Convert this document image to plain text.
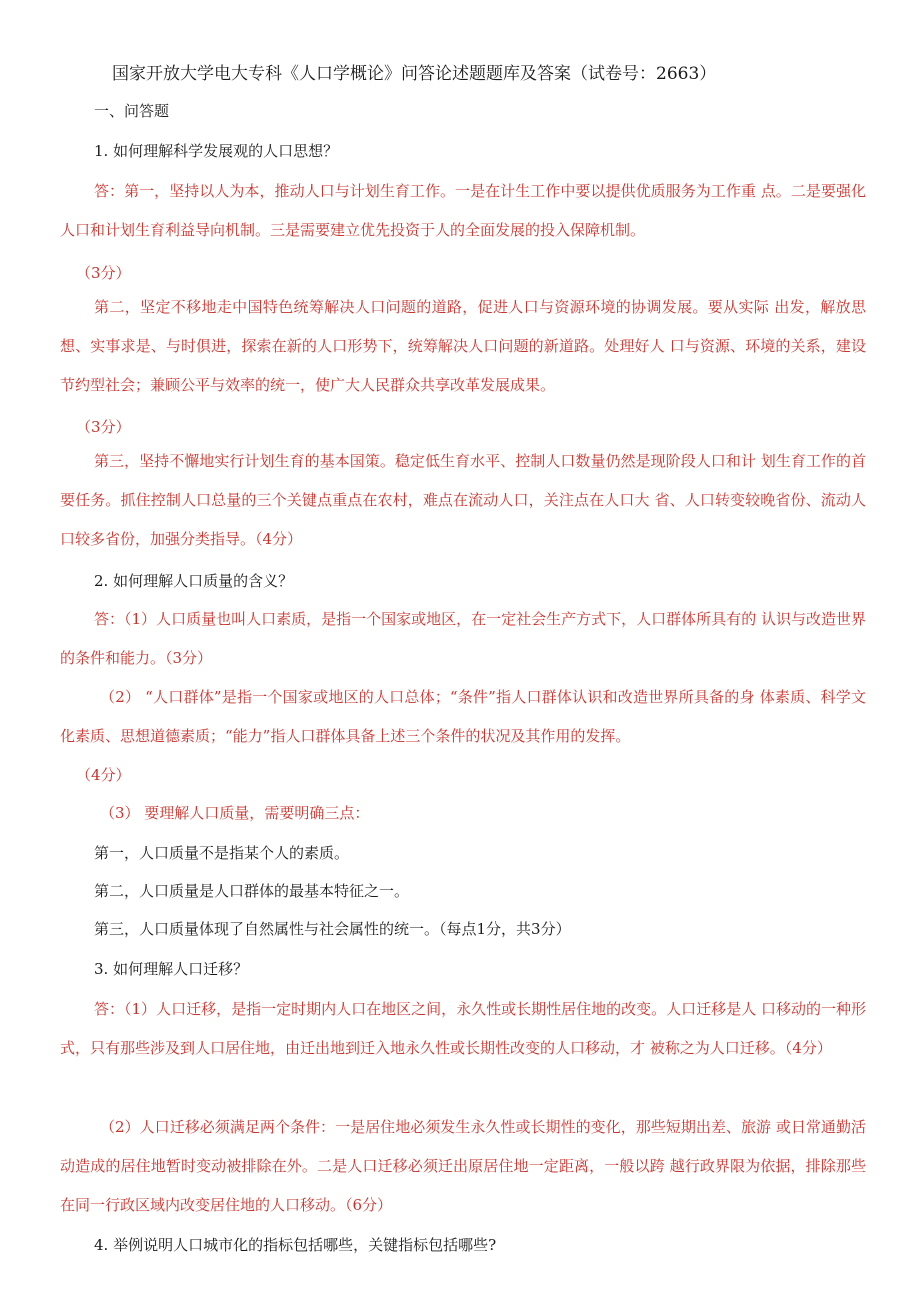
国家开放大学电大专科《人口学概论》问答论述题题库及答案（试卷号：2663）
一、问答题
1. 如何理解科学发展观的人口思想？
答：第一，坚持以人为本，推动人口与计划生育工作。一是在计生工作中要以提供优质服务为工作重 点。二是要强化人口和计划生育利益导向机制。三是需要建立优先投资于人的全面发展的投入保障机制。
（3分）
第二，坚定不移地走中国特色统筹解决人口问题的道路，促进人口与资源环境的协调发展。要从实际 出发，解放思想、实事求是、与时俱进，探索在新的人口形势下，统筹解决人口问题的新道路。处理好人 口与资源、环境的关系，建设节约型社会；兼顾公平与效率的统一，使广大人民群众共享改革发展成果。
（3分）
第三，坚持不懈地实行计划生育的基本国策。稳定低生育水平、控制人口数量仍然是现阶段人口和计 划生育工作的首要任务。抓住控制人口总量的三个关键点重点在农村，难点在流动人口，关注点在人口大 省、人口转变较晚省份、流动人口较多省份，加强分类指导。（4分）
2. 如何理解人口质量的含义？
答：（1）人口质量也叫人口素质，是指一个国家或地区，在一定社会生产方式下，人口群体所具有的 认识与改造世界的条件和能力。（3分）
（2） “人口群体”是指一个国家或地区的人口总体；“条件”指人口群体认识和改造世界所具备的身 体素质、科学文化素质、思想道德素质；“能力”指人口群体具备上述三个条件的状况及其作用的发挥。
（4分）
（3） 要理解人口质量，需要明确三点：
第一，人口质量不是指某个人的素质。
第二，人口质量是人口群体的最基本特征之一。
第三，人口质量体现了自然属性与社会属性的统一。（每点1分，共3分）
3. 如何理解人口迁移？
答：（1）人口迁移，是指一定时期内人口在地区之间，永久性或长期性居住地的改变。人口迁移是人 口移动的一种形式，只有那些涉及到人口居住地，由迁出地到迁入地永久性或长期性改变的人口移动，才 被称之为人口迁移。（4分）
（2）人口迁移必须满足两个条件：一是居住地必须发生永久性或长期性的变化，那些短期出差、旅游 或日常通勤活动造成的居住地暂时变动被排除在外。二是人口迁移必须迁出原居住地一定距离，一般以跨 越行政界限为依据，排除那些在同一行政区域内改变居住地的人口移动。（6分）
4. 举例说明人口城市化的指标包括哪些，关键指标包括哪些?
